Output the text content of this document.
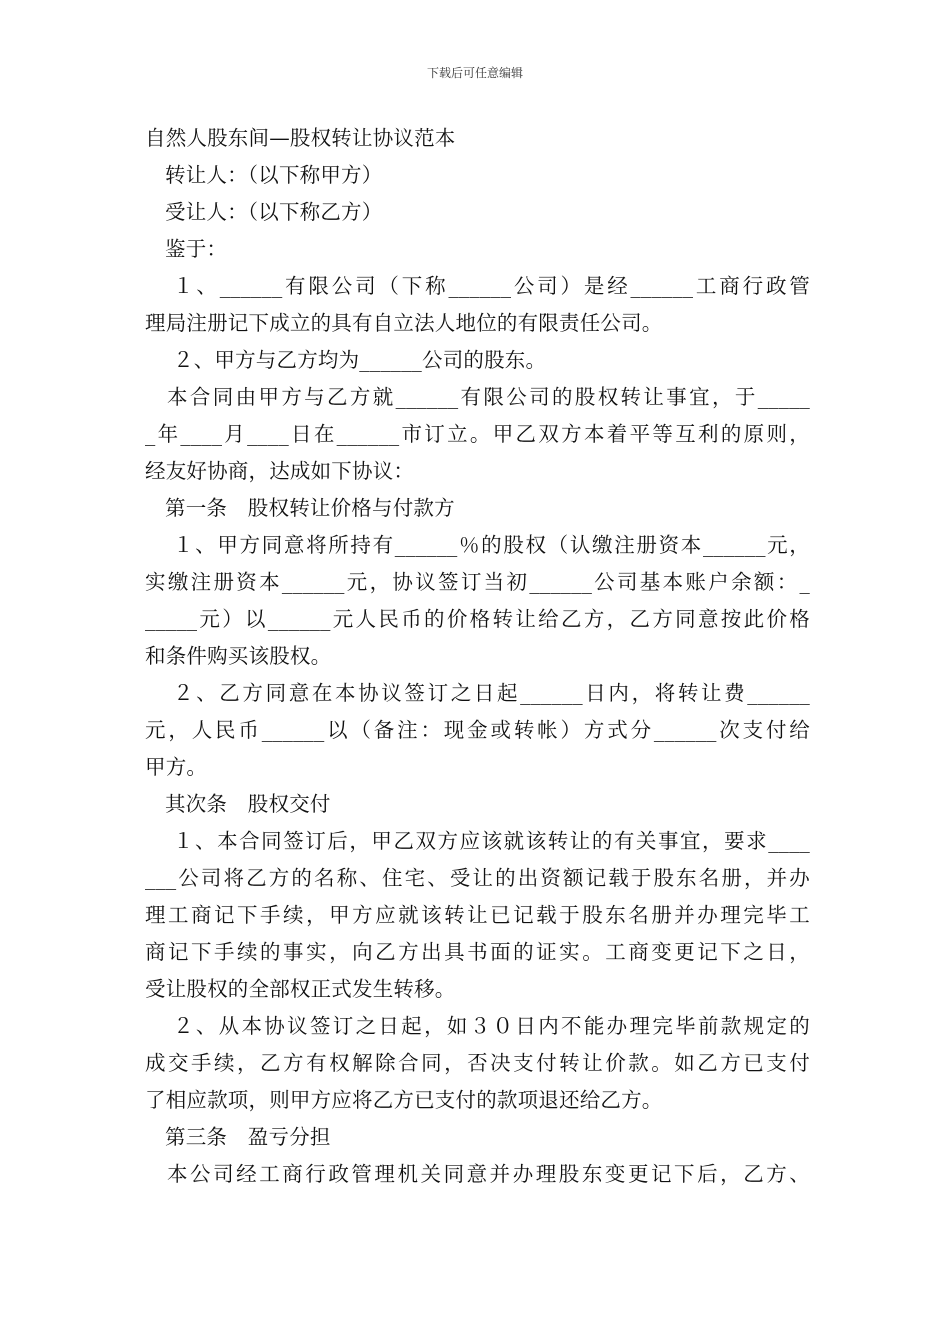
下载后可任意编辑
自然人股东间—股权转让协议范本
转让人：（以下称甲方）
受让人：（以下称乙方）
鉴于：
１、______有限公司（下称______公司）是经______工商行政管
理局注册记下成立的具有自立法人地位的有限责任公司。
２、甲方与乙方均为______公司的股东。
本合同由甲方与乙方就______有限公司的股权转让事宜，于_____
_年____月____日在______市订立。甲乙双方本着平等互利的原则，
经友好协商，达成如下协议：
第一条　股权转让价格与付款方
１、甲方同意将所持有______％的股权（认缴注册资本______元，
实缴注册资本______元，协议签订当初______公司基本账户余额：_
_____元）以______元人民币的价格转让给乙方，乙方同意按此价格
和条件购买该股权。
２、乙方同意在本协议签订之日起______日内，将转让费______
元，人民币______以（备注：现金或转帐）方式分______次支付给
甲方。
其次条　股权交付
１、本合同签订后，甲乙双方应该就该转让的有关事宜，要求____
___公司将乙方的名称、住宅、受让的出资额记载于股东名册，并办
理工商记下手续，甲方应就该转让已记载于股东名册并办理完毕工
商记下手续的事实，向乙方出具书面的证实。工商变更记下之日，
受让股权的全部权正式发生转移。
２、从本协议签订之日起，如３０日内不能办理完毕前款规定的
成交手续，乙方有权解除合同，否决支付转让价款。如乙方已支付
了相应款项，则甲方应将乙方已支付的款项退还给乙方。
第三条　盈亏分担
本公司经工商行政管理机关同意并办理股东变更记下后，乙方、
